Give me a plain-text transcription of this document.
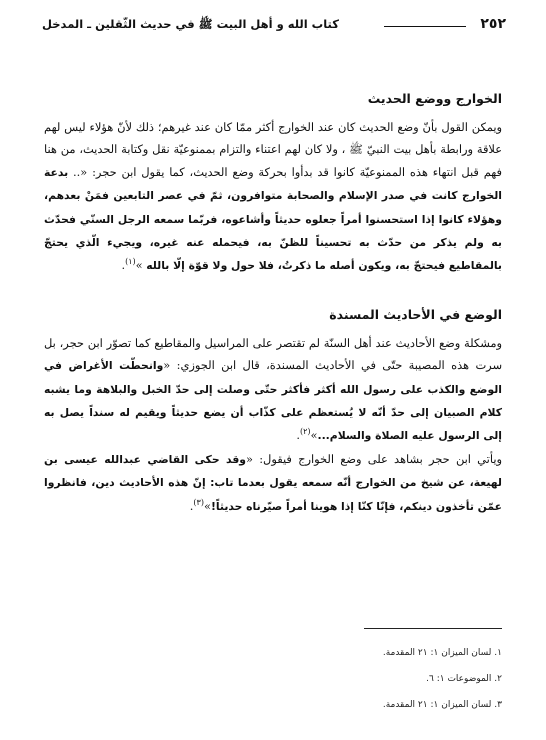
٢٥٢
كتاب الله و أهل البيت ﷺ في حديث الثّقلين ـ المدخل
الخوارج ووضع الحديث

ويمكن القول بأنّ وضع الحديث كان عند الخوارج أكثر ممّا كان عند غيرهم؛ ذلك لأنّ هؤلاء ليس لهم علاقة ورابطة بأهل بيت النبيّ ﷺ ، ولا كان لهم اعتناء والتزام بممنوعيّة نقل وكتابة الحديث، من هنا فهم قبل انتهاء هذه الممنوعيّة كانوا قد بدأوا بحركة وضع الحديث، كما يقول ابن حجر: «.. بدعة الخوارج كانت في صدر الإسلام والصحابة متوافرون، ثمّ في عصر التابعين فمَنْ بعدهم، وهؤلاء كانوا إذا استحسنوا أمراً جعلوه حديثاً وأشاعوه، فربّما سمعه الرجل السنّي فحدّث به ولم يذكر من حدّث به تحسيناً للظنّ به، فيحمله عنه غيره، ويجيء الّذي يحتجّ بالمقاطيع فيحتجّ به، ويكون أصله ما ذكرتُ، فلا حول ولا قوّة إلّا بالله »$^{(١)}$.

الوضع في الأحاديث المسندة

ومشكلة وضع الأحاديث عند أهل السنّة لم تقتصر على المراسيل والمقاطيع كما تصوّر ابن حجر، بل سرت هذه المصيبة حتّى في الأحاديث المسندة، قال ابن الجوزي: «وانحطّت الأغراض في الوضع والكذب على رسول الله أكثر فأكثر حتّى وصلت إلى حدّ الخبل والبلاهة وما يشبه كلام الصبيان إلى حدّ أنّه لا يُستعظم على كذّاب أن يضع حديثاً ويقيم له سنداً يصل به إلى الرسول عليه الصلاة والسلام...»$^{(٢)}$.

ويأتي ابن حجر بشاهد على وضع الخوارج فيقول: «وقد حكى القاضي عبدالله عيسى بن لهيعة، عن شيخ من الخوارج أنّه سمعه يقول بعدما تاب: إنّ هذه الأحاديث دين، فانظروا عمّن تأخذون دينكم، فإنّا كنّا إذا هوينا أمراً صيّرناه حديثاً!»$^{(٣)}$.

١. لسان الميزان ١: ٢١ المقدمة.
٢. الموضوعات ١: ٦.
٣. لسان الميزان ١: ٢١ المقدمة.
